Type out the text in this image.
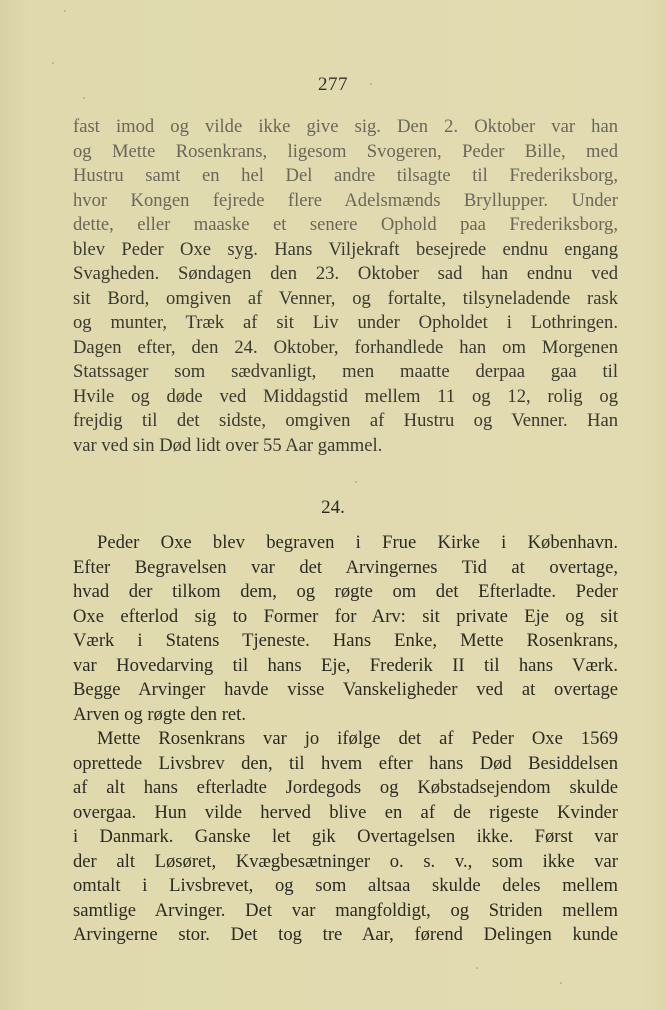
277
fast imod og vilde ikke give sig. Den 2. Oktober var han
og Mette Rosenkrans, ligesom Svogeren, Peder Bille, med
Hustru samt en hel Del andre tilsagte til Frederiksborg,
hvor Kongen fejrede flere Adelsmænds Bryllupper. Under
dette, eller maaske et senere Ophold paa Frederiksborg,
blev Peder Oxe syg. Hans Viljekraft besejrede endnu engang
Svagheden. Søndagen den 23. Oktober sad han endnu ved
sit Bord, omgiven af Venner, og fortalte, tilsyneladende rask
og munter, Træk af sit Liv under Opholdet i Lothringen.
Dagen efter, den 24. Oktober, forhandlede han om Morgenen
Statssager som sædvanligt, men maatte derpaa gaa til
Hvile og døde ved Middagstid mellem 11 og 12, rolig og
frejdig til det sidste, omgiven af Hustru og Venner. Han
var ved sin Død lidt over 55 Aar gammel.
24.
Peder Oxe blev begraven i Frue Kirke i København.
Efter Begravelsen var det Arvingernes Tid at overtage,
hvad der tilkom dem, og røgte om det Efterladte. Peder
Oxe efterlod sig to Former for Arv: sit private Eje og sit
Værk i Statens Tjeneste. Hans Enke, Mette Rosenkrans,
var Hovedarving til hans Eje, Frederik II til hans Værk.
Begge Arvinger havde visse Vanskeligheder ved at overtage
Arven og røgte den ret.
Mette Rosenkrans var jo ifølge det af Peder Oxe 1569
oprettede Livsbrev den, til hvem efter hans Død Besiddelsen
af alt hans efterladte Jordegods og Købstadsejendom skulde
overgaa. Hun vilde herved blive en af de rigeste Kvinder
i Danmark. Ganske let gik Overtagelsen ikke. Først var
der alt Løsøret, Kvægbesætninger o. s. v., som ikke var
omtalt i Livsbrevet, og som altsaa skulde deles mellem
samtlige Arvinger. Det var mangfoldigt, og Striden mellem
Arvingerne stor. Det tog tre Aar, førend Delingen kunde
